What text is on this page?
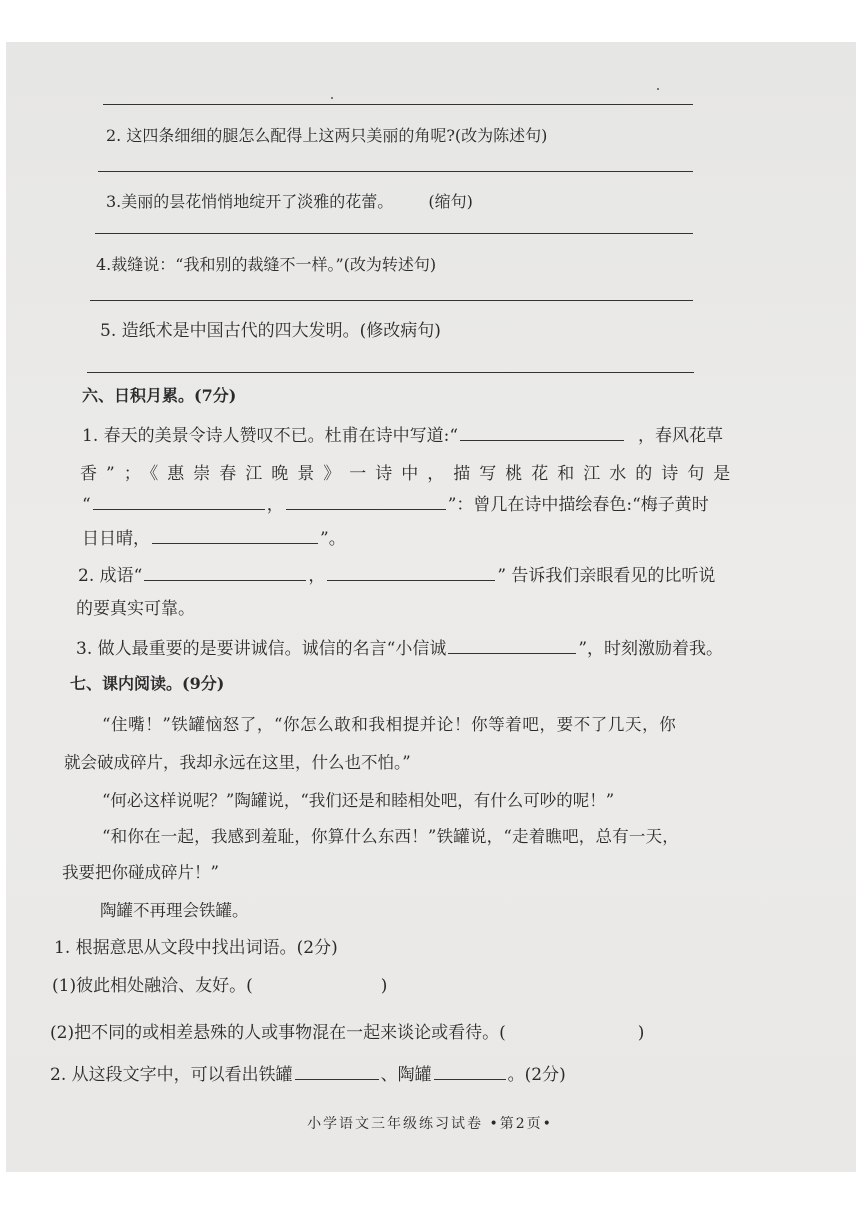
2. 这四条细细的腿怎么配得上这两只美丽的角呢?(改为陈述句)
3.美丽的昙花悄悄地绽开了淡雅的花蕾。 (缩句)
4.裁缝说：“我和别的裁缝不一样。”(改为转述句)
5. 造纸术是中国古代的四大发明。(修改病句)
六、日积月累。(7分)
1. 春天的美景令诗人赞叹不已。杜甫在诗中写道:“	，春风花草
香”；《惠崇春江晚景》一诗中，描写桃花和江水的诗句是
“	，	”：曾几在诗中描绘春色:“梅子黄时
日日晴，	”。
2. 成语“	，	” 告诉我们亲眼看见的比听说
的要真实可靠。
3. 做人最重要的是要讲诚信。诚信的名言“小信诚	”，时刻激励着我。
七、课内阅读。(9分)
“住嘴！”铁罐恼怒了，“你怎么敢和我相提并论！你等着吧，要不了几天，你
就会破成碎片，我却永远在这里，什么也不怕。”
“何必这样说呢？”陶罐说，“我们还是和睦相处吧，有什么可吵的呢！”
“和你在一起，我感到羞耻，你算什么东西！”铁罐说，“走着瞧吧，总有一天，
我要把你碰成碎片！”
陶罐不再理会铁罐。
1. 根据意思从文段中找出词语。(2分)
(1)彼此相处融洽、友好。(	)
(2)把不同的或相差悬殊的人或事物混在一起来谈论或看待。(	)
2. 从这段文字中，可以看出铁罐	、陶罐	。(2分)
小学语文三年级练习试卷 •第2页•
